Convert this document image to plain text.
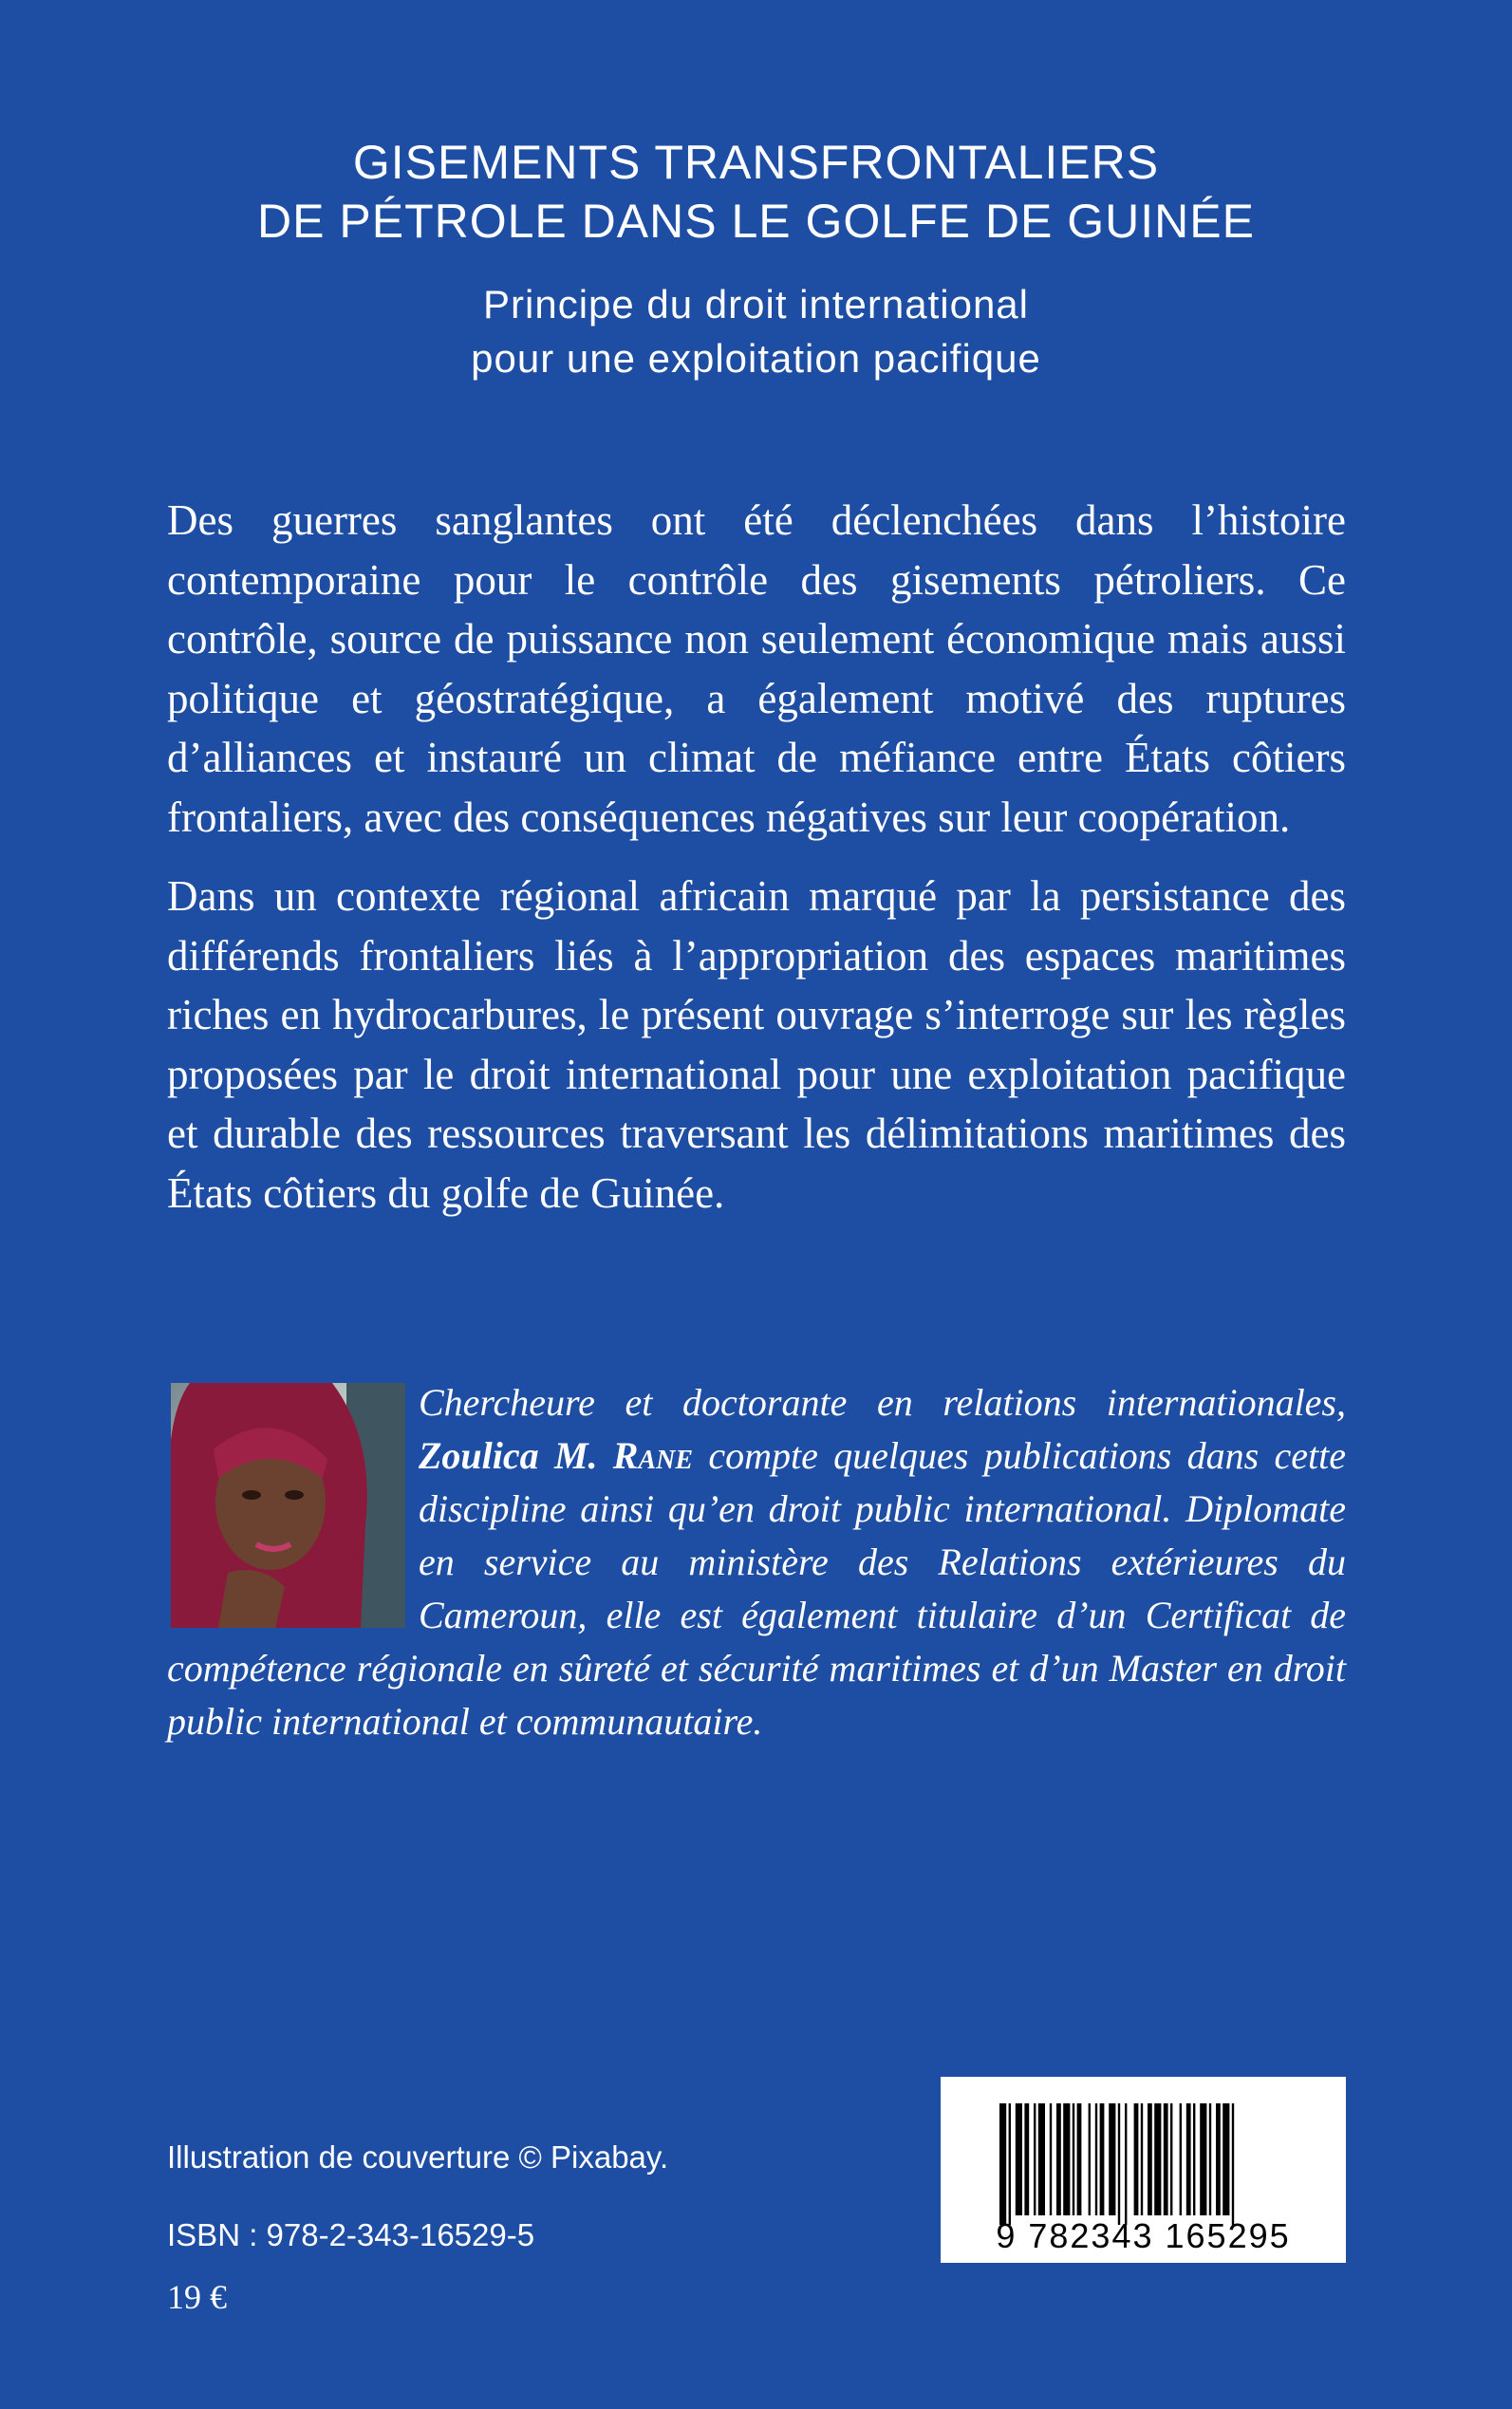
GISEMENTS TRANSFRONTALIERS
DE PÉTROLE DANS LE GOLFE DE GUINÉE
Principe du droit international
pour une exploitation pacifique
Des guerres sanglantes ont été déclenchées dans l’histoire contemporaine pour le contrôle des gisements pétroliers. Ce contrôle, source de puissance non seulement économique mais aussi politique et géostratégique, a également motivé des ruptures d’alliances et instauré un climat de méfiance entre États côtiers frontaliers, avec des conséquences négatives sur leur coopération.
Dans un contexte régional africain marqué par la persistance des différends frontaliers liés à l’appropriation des espaces maritimes riches en hydrocarbures, le présent ouvrage s’interroge sur les règles proposées par le droit international pour une exploitation pacifique et durable des ressources traversant les délimitations maritimes des États côtiers du golfe de Guinée.
Chercheure et doctorante en relations internationales, Zoulica M. Rane compte quelques publications dans cette discipline ainsi qu’en droit public international. Diplomate en service au ministère des Relations extérieures du Cameroun, elle est également titulaire d’un Certificat de compétence régionale en sûreté et sécurité maritimes et d’un Master en droit public international et communautaire.
Illustration de couverture © Pixabay.
ISBN : 978-2-343-16529-5
19 €
9 782343 165295
